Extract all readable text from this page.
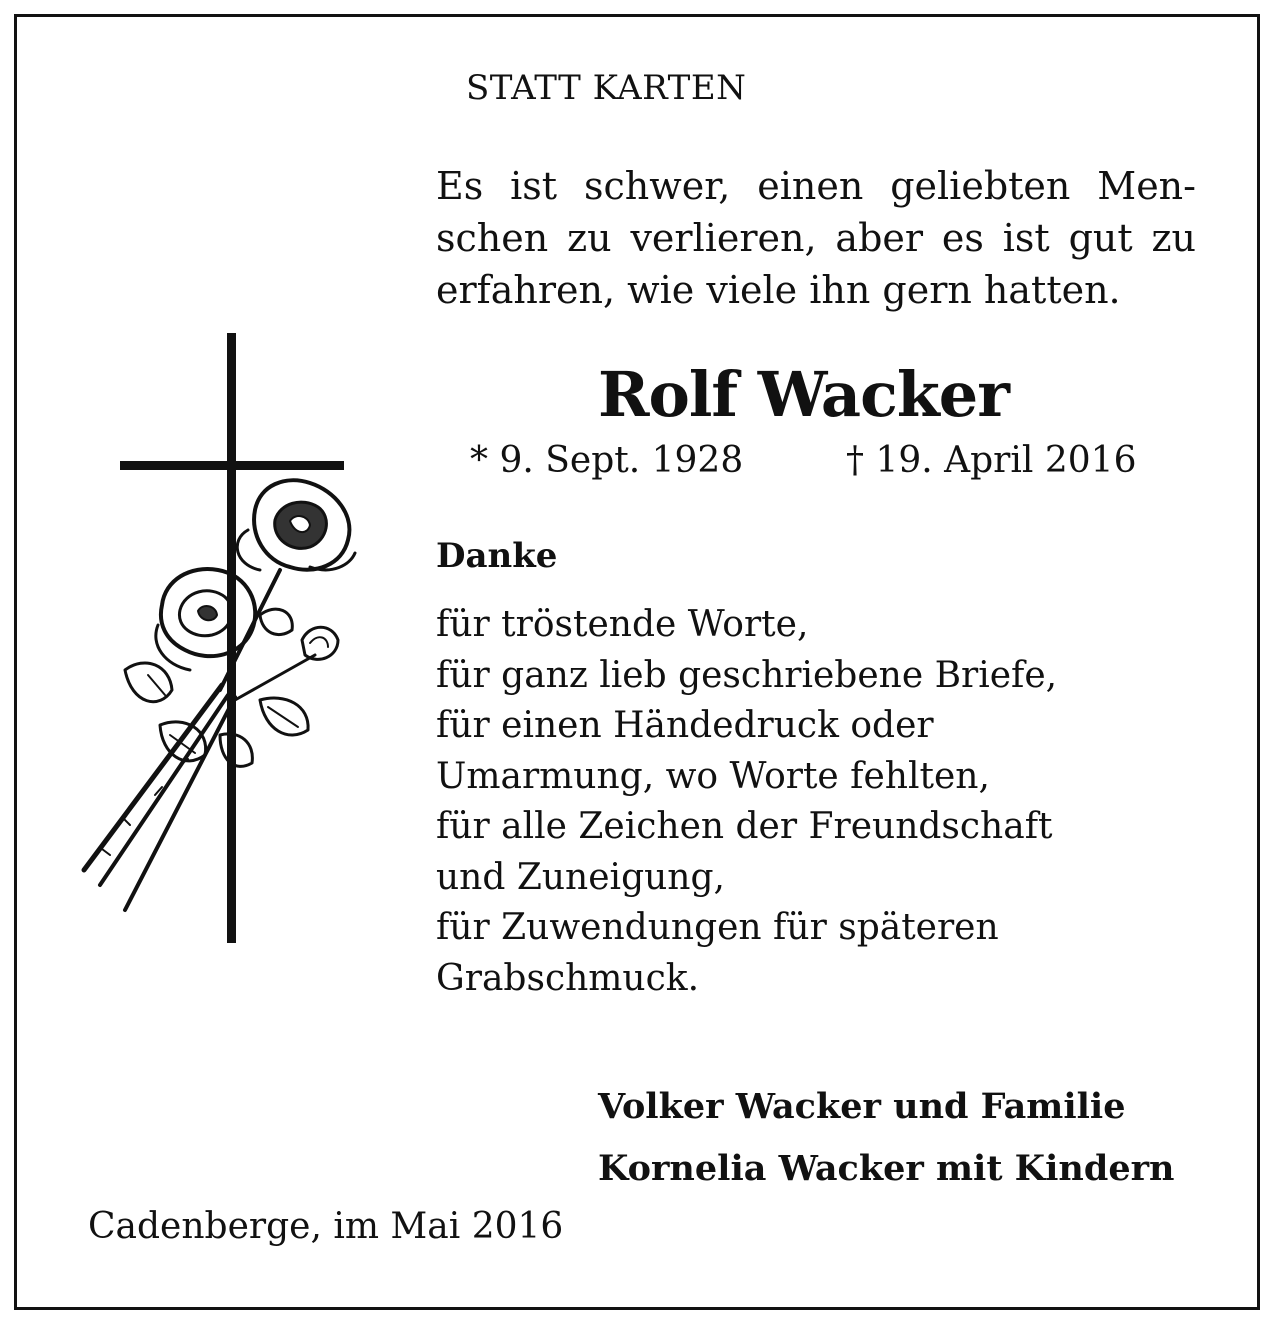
STATT KARTEN

Es ist schwer, einen geliebten Men-
schen zu verlieren, aber es ist gut zu
erfahren, wie viele ihn gern hatten.

Rolf Wacker

* 9. Sept. 1928	† 19. April 2016

Danke

für tröstende Worte,
für ganz lieb geschriebene Briefe,
für einen Händedruck oder
Umarmung, wo Worte fehlten,
für alle Zeichen der Freundschaft
und Zuneigung,
für Zuwendungen für späteren
Grabschmuck.

Volker Wacker und Familie

Kornelia Wacker mit Kindern

Cadenberge, im Mai 2016
